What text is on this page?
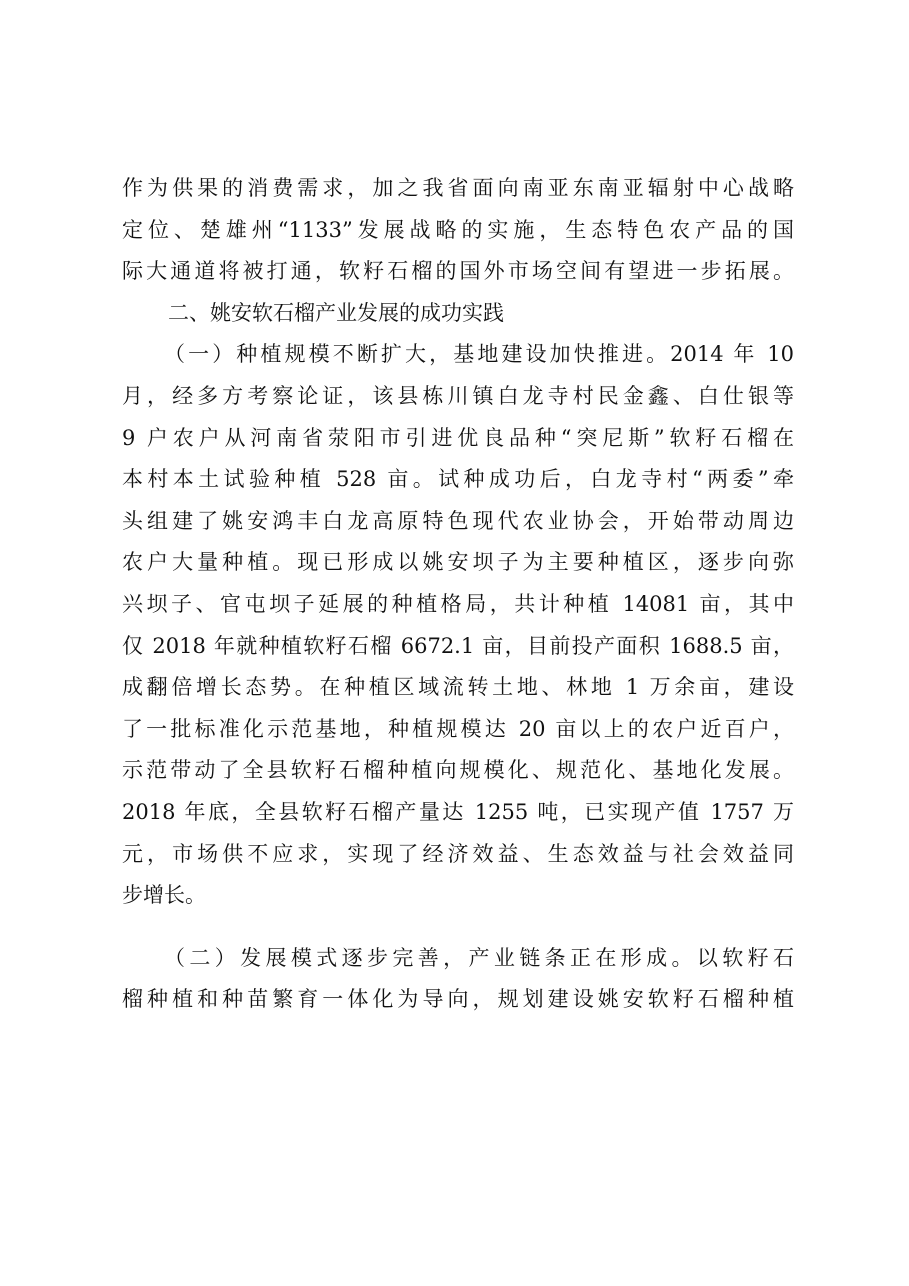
作为供果的消费需求，加之我省面向南亚东南亚辐射中心战略
定位、楚雄州“1133”发展战略的实施，生态特色农产品的国
际大通道将被打通，软籽石榴的国外市场空间有望进一步拓展。
二、姚安软石榴产业发展的成功实践
（一）种植规模不断扩大，基地建设加快推进。2014 年 10
月，经多方考察论证，该县栋川镇白龙寺村民金鑫、白仕银等
9 户农户从河南省荥阳市引进优良品种“突尼斯”软籽石榴在
本村本土试验种植 528 亩。试种成功后，白龙寺村“两委”牵
头组建了姚安鸿丰白龙高原特色现代农业协会，开始带动周边
农户大量种植。现已形成以姚安坝子为主要种植区，逐步向弥
兴坝子、官屯坝子延展的种植格局，共计种植 14081 亩，其中
仅 2018 年就种植软籽石榴 6672.1 亩，目前投产面积 1688.5 亩，
成翻倍增长态势。在种植区域流转土地、林地 1 万余亩，建设
了一批标准化示范基地，种植规模达 20 亩以上的农户近百户，
示范带动了全县软籽石榴种植向规模化、规范化、基地化发展。
2018 年底，全县软籽石榴产量达 1255 吨，已实现产值 1757 万
元，市场供不应求，实现了经济效益、生态效益与社会效益同
步增长。
（二）发展模式逐步完善，产业链条正在形成。以软籽石
榴种植和种苗繁育一体化为导向，规划建设姚安软籽石榴种植
